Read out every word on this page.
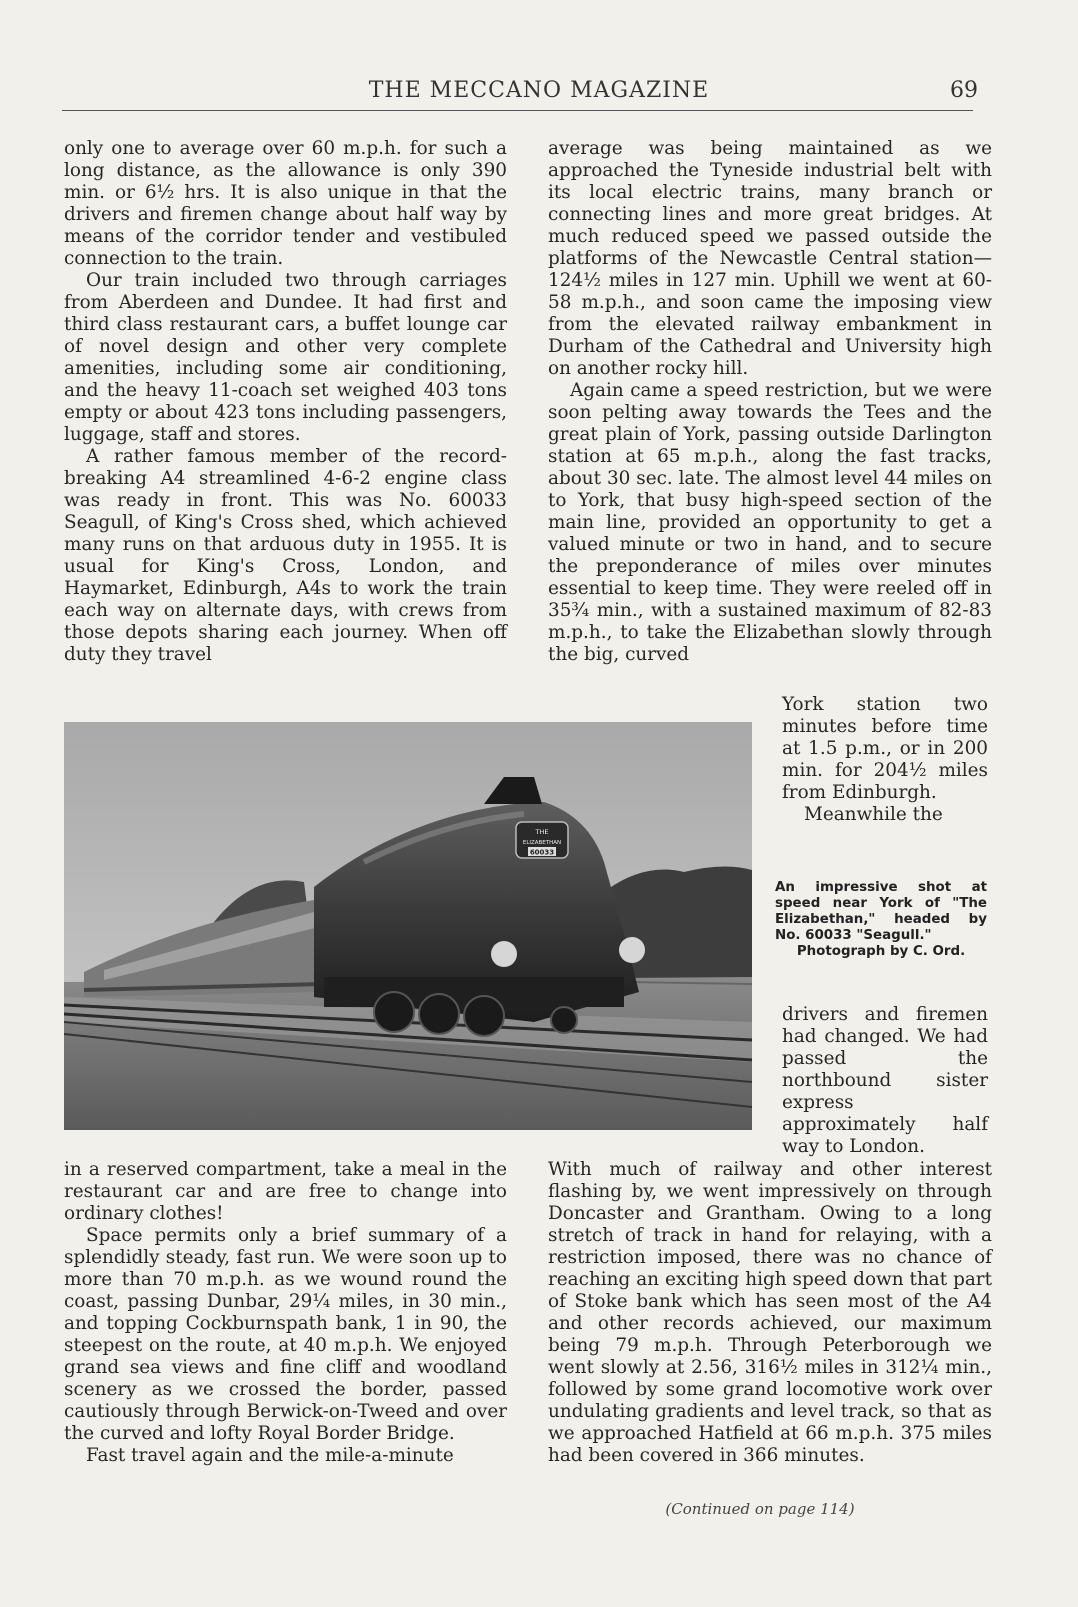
THE MECCANO MAGAZINE	69

only one to average over 60 m.p.h. for such a long distance, as the allowance is only 390 min. or 6½ hrs. It is also unique in that the drivers and firemen change about half way by means of the corridor tender and vestibuled connection to the train.

Our train included two through carriages from Aberdeen and Dundee. It had first and third class restaurant cars, a buffet lounge car of novel design and other very complete amenities, including some air conditioning, and the heavy 11-coach set weighed 403 tons empty or about 423 tons including passengers, luggage, staff and stores.

A rather famous member of the record-breaking A4 streamlined 4-6-2 engine class was ready in front. This was No. 60033 Seagull, of King's Cross shed, which achieved many runs on that arduous duty in 1955. It is usual for King's Cross, London, and Haymarket, Edinburgh, A4s to work the train each way on alternate days, with crews from those depots sharing each journey. When off duty they travel

average was being maintained as we approached the Tyneside industrial belt with its local electric trains, many branch or connecting lines and more great bridges. At much reduced speed we passed outside the platforms of the Newcastle Central station—124½ miles in 127 min. Uphill we went at 60-58 m.p.h., and soon came the imposing view from the elevated railway embankment in Durham of the Cathedral and University high on another rocky hill.

Again came a speed restriction, but we were soon pelting away towards the Tees and the great plain of York, passing outside Darlington station at 65 m.p.h., along the fast tracks, about 30 sec. late. The almost level 44 miles on to York, that busy high-speed section of the main line, provided an opportunity to get a valued minute or two in hand, and to secure the preponderance of miles over minutes essential to keep time. They were reeled off in 35¾ min., with a sustained maximum of 82-83 m.p.h., to take the Elizabethan slowly through the big, curved

York station two minutes before time at 1.5 p.m., or in 200 min. for 204½ miles from Edinburgh.

Meanwhile the

THE
ELIZABETHAN
60033

An impressive shot at speed near York of "The Elizabethan," headed by No. 60033 "Seagull."

Photograph by C. Ord.

drivers and firemen had changed. We had passed the northbound sister express approximately half way to London.

in a reserved compartment, take a meal in the restaurant car and are free to change into ordinary clothes!

Space permits only a brief summary of a splendidly steady, fast run. We were soon up to more than 70 m.p.h. as we wound round the coast, passing Dunbar, 29¼ miles, in 30 min., and topping Cockburnspath bank, 1 in 90, the steepest on the route, at 40 m.p.h. We enjoyed grand sea views and fine cliff and woodland scenery as we crossed the border, passed cautiously through Berwick-on-Tweed and over the curved and lofty Royal Border Bridge.

Fast travel again and the mile-a-minute

With much of railway and other interest flashing by, we went impressively on through Doncaster and Grantham. Owing to a long stretch of track in hand for relaying, with a restriction imposed, there was no chance of reaching an exciting high speed down that part of Stoke bank which has seen most of the A4 and other records achieved, our maximum being 79 m.p.h. Through Peterborough we went slowly at 2.56, 316½ miles in 312¼ min., followed by some grand locomotive work over undulating gradients and level track, so that as we approached Hatfield at 66 m.p.h. 375 miles had been covered in 366 minutes.

(Continued on page 114)
